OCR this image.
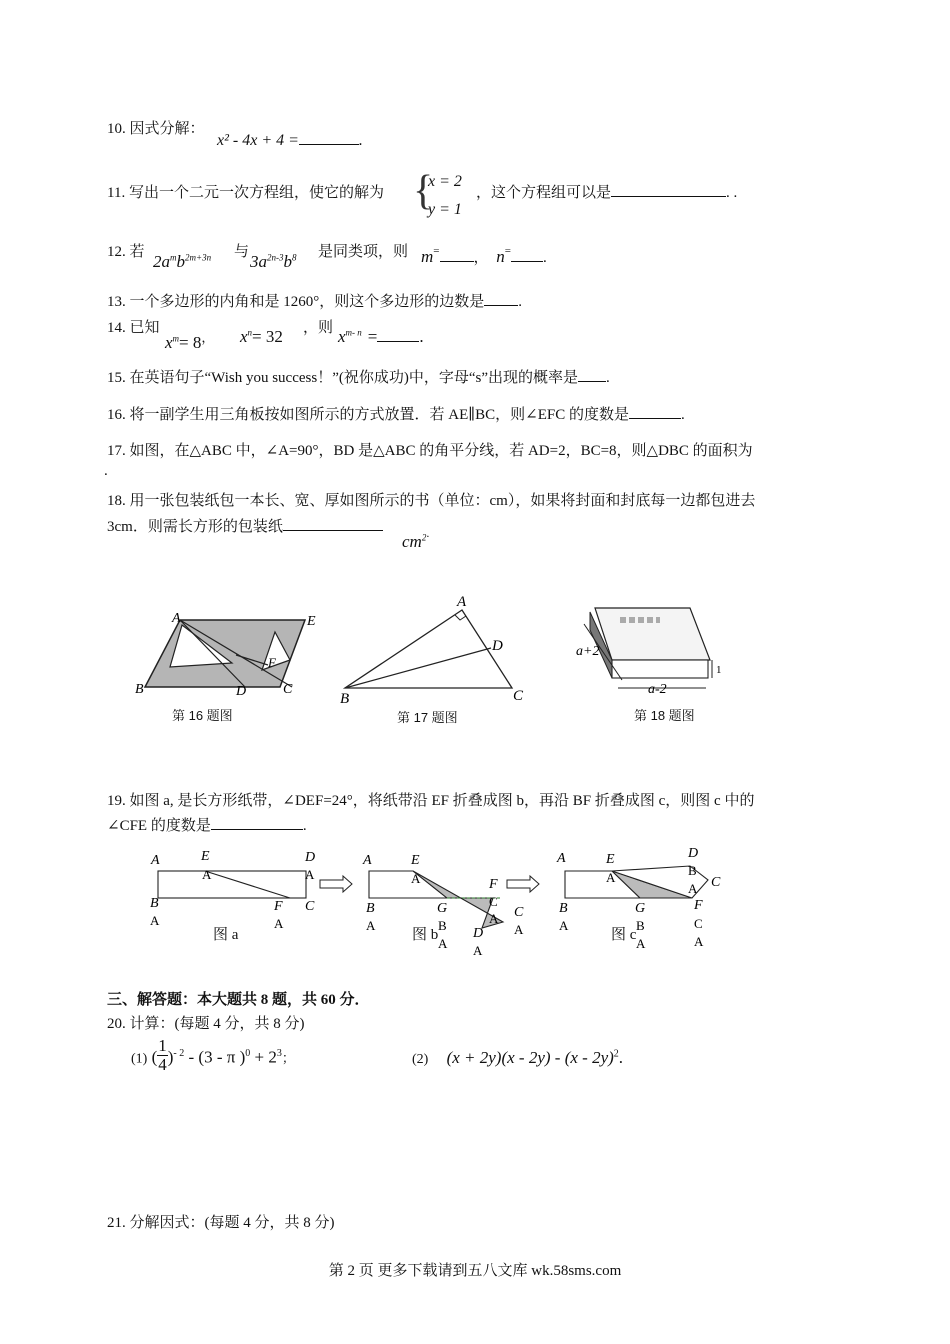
10. 因式分解：
x² - 4x + 4 =	.
11. 写出一个二元一次方程组，使它的解为 {
x = 2
y = 1
，这个方程组可以是	. .
12. 若 $2a^mb^{2m+3n}$ 与 $3a^{2n-3}b^8$ 是同类项，则 m= ， n= .
13. 一个多边形的内角和是 1260°，则这个多边形的边数是 .
14. 已知
$x^m= 8^,$ $x^n= 32$ ，则 $x^{m- n}$ = .
15. 在英语句子“Wish you success！”(祝你成功)中，字母“s”出现的概率是 .
16. 将一副学生用三角板按如图所示的方式放置．若 AE∥BC，则∠EFC 的度数是	.
17. 如图，在△ABC 中，∠A=90°，BD 是△ABC 的角平分线，若 AD=2，BC=8，则△DBC 的面积为
.
18. 用一张包装纸包一本长、宽、厚如图所示的书（单位：cm），如果将封面和封底每一边都包进去
3cm．则需长方形的包装纸
$cm^{2.}$
A	E
F
B	D	C
A
D
B	C
a+2
a-2
1
第 16 题图	第 17 题图	第 18 题图
19. 如图 a, 是长方形纸带，∠DEF=24°，将纸带沿 EF 折叠成图 b，再沿 BF 折叠成图 c，则图 c 中的
∠CFE 的度数是	.
A	E
A
D
A
B
A
F
A
C
A	E
A	F
B
A
G
B
A
C
A C
A
D
A
A	E
A
D
B
A C
B
A
G
B
A
F
C
A
图 a	图 b	图 c
三、解答题：本大题共 8 题，共 60 分．
20. 计算：(每题 4 分，共 8 分)
(1) ( $\frac{1}{4} )^{- 2} - (3$ - π )$^0 + 2^3$；	(2) (x + 2y)(x - 2y) - (x - 2y)$^2$.
21. 分解因式：(每题 4 分，共 8 分)
第 2 页 更多下载请到五八文库 wk.58sms.com
